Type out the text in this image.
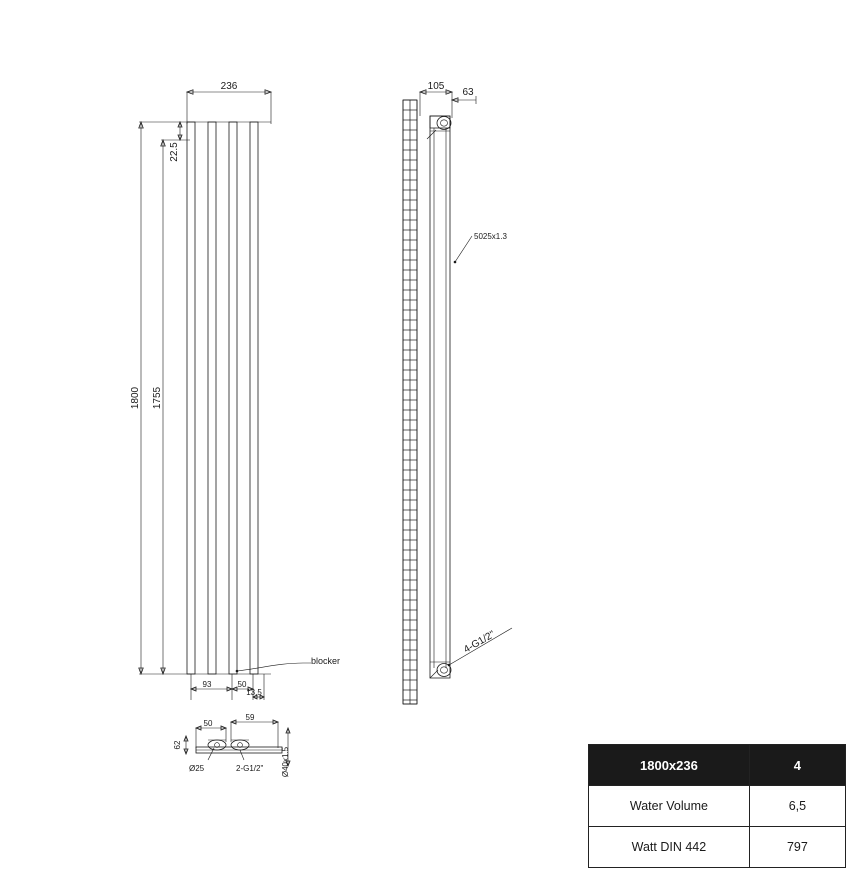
236
1800 1755
22.5
93	50
13.5
105
63
5025x1.3
4-G1/2"
50
59
62
Ø25	2-G1/2" Ø40x1.5
blocker
1800x236	4
Water Volume	6,5
Watt DIN 442	797
